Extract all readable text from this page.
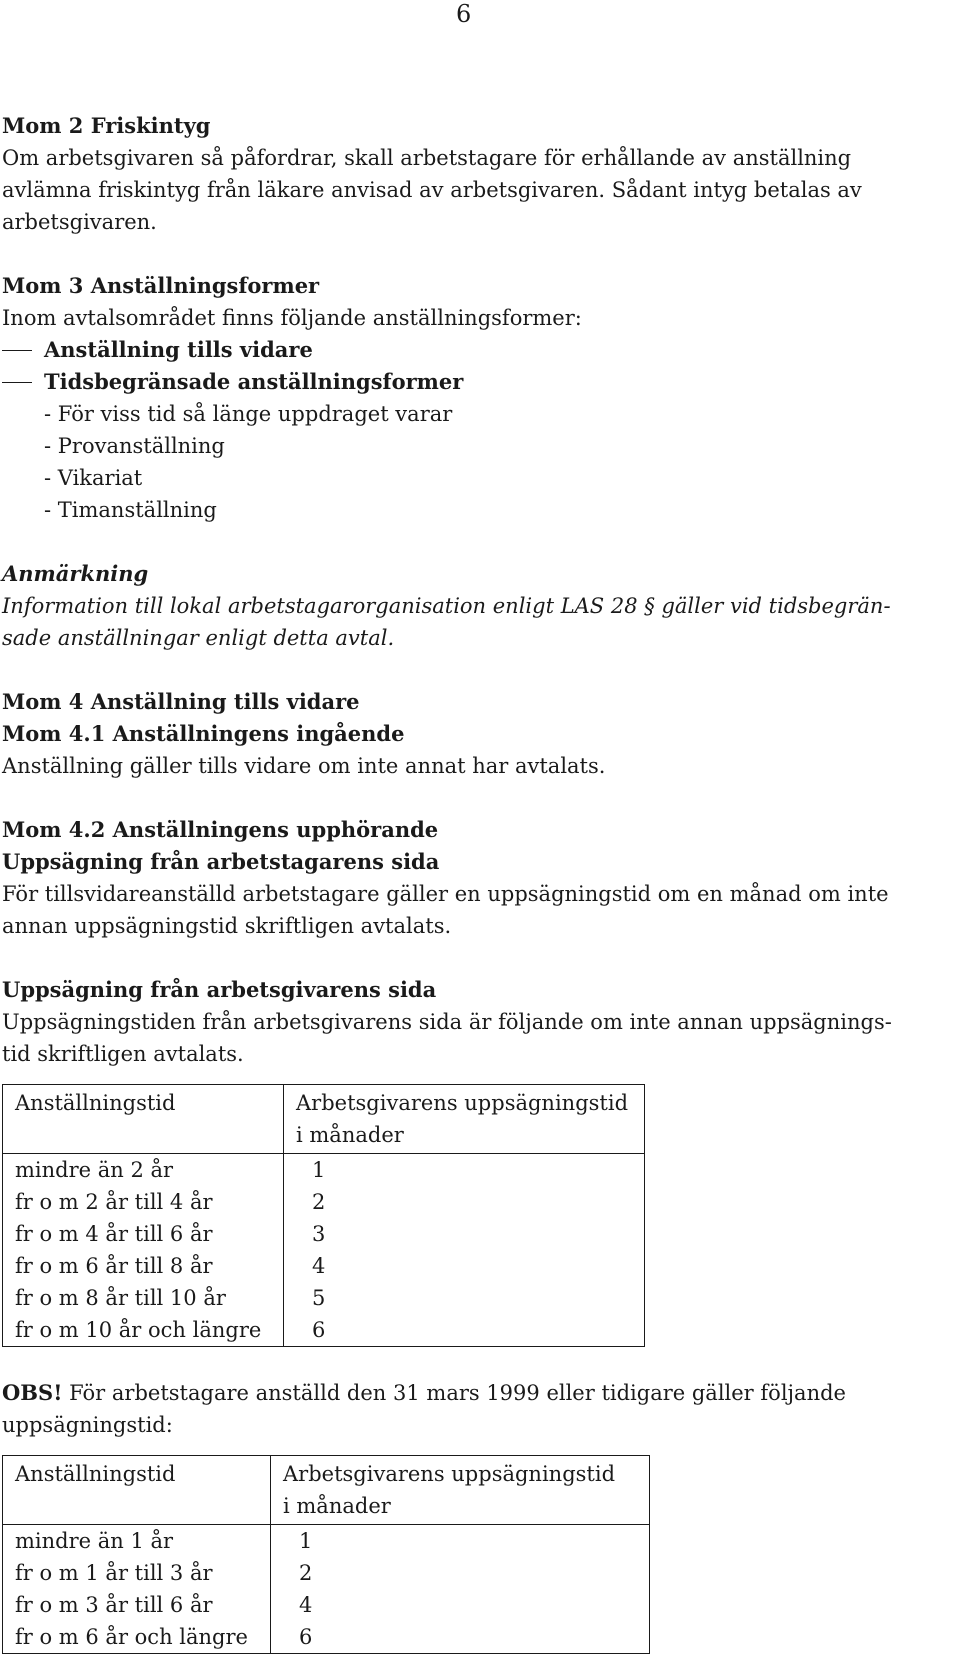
6
Mom 2 Friskintyg
Om arbetsgivaren så påfordrar, skall arbetstagare för erhållande av anställning
avlämna friskintyg från läkare anvisad av arbetsgivaren. Sådant intyg betalas av
arbetsgivaren.
Mom 3 Anställningsformer
Inom avtalsområdet finns följande anställningsformer:
Anställning tills vidare
Tidsbegränsade anställningsformer
- För viss tid så länge uppdraget varar
- Provanställning
- Vikariat
- Timanställning
Anmärkning
Information till lokal arbetstagarorganisation enligt LAS 28 § gäller vid tidsbegrän-
sade anställningar enligt detta avtal.
Mom 4 Anställning tills vidare
Mom 4.1 Anställningens ingående
Anställning gäller tills vidare om inte annat har avtalats.
Mom 4.2 Anställningens upphörande
Uppsägning från arbetstagarens sida
För tillsvidareanställd arbetstagare gäller en uppsägningstid om en månad om inte
annan uppsägningstid skriftligen avtalats.
Uppsägning från arbetsgivarens sida
Uppsägningstiden från arbetsgivarens sida är följande om inte annan uppsägnings-
tid skriftligen avtalats.
Anställningstid	Arbetsgivarens uppsägningstid
i månader

mindre än 2 år	1
fr o m 2 år till 4 år	2
fr o m 4 år till 6 år	3
fr o m 6 år till 8 år	4
fr o m 8 år till 10 år	5
fr o m 10 år och längre	6
OBS! För arbetstagare anställd den 31 mars 1999 eller tidigare gäller följande
uppsägningstid:
Anställningstid	Arbetsgivarens uppsägningstid
i månader

mindre än 1 år	1
fr o m 1 år till 3 år	2
fr o m 3 år till 6 år	4
fr o m 6 år och längre	6
